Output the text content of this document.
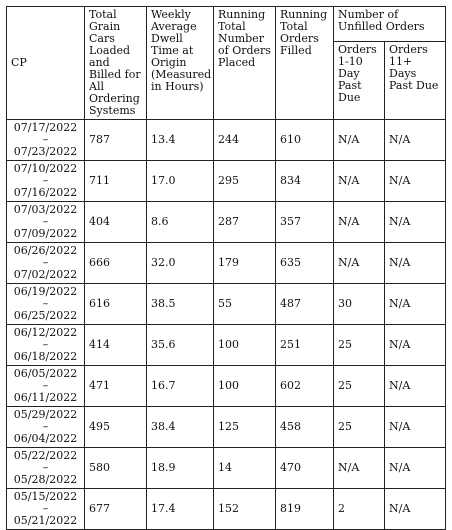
CP	Total Grain Cars Loaded and Billed for All Ordering Systems	Weekly Average Dwell Time at Origin (Measured in Hours)	Running Total Number of Orders Placed	Running Total Orders Filled	Number of Unfilled Orders	
					Orders 1-10 Day Past Due	Orders 11+ Days Past Due

07/17/2022
–
07/23/2022	787	13.4	244	610	N/A	N/A

07/10/2022
–
07/16/2022	711	17.0	295	834	N/A	N/A

07/03/2022
–
07/09/2022	404	8.6	287	357	N/A	N/A

06/26/2022
–
07/02/2022	666	32.0	179	635	N/A	N/A

06/19/2022
–
06/25/2022	616	38.5	55	487	30	N/A

06/12/2022
–
06/18/2022	414	35.6	100	251	25	N/A

06/05/2022
–
06/11/2022	471	16.7	100	602	25	N/A

05/29/2022
–
06/04/2022	495	38.4	125	458	25	N/A

05/22/2022
–
05/28/2022	580	18.9	14	470	N/A	N/A

05/15/2022
–
05/21/2022	677	17.4	152	819	2	N/A
